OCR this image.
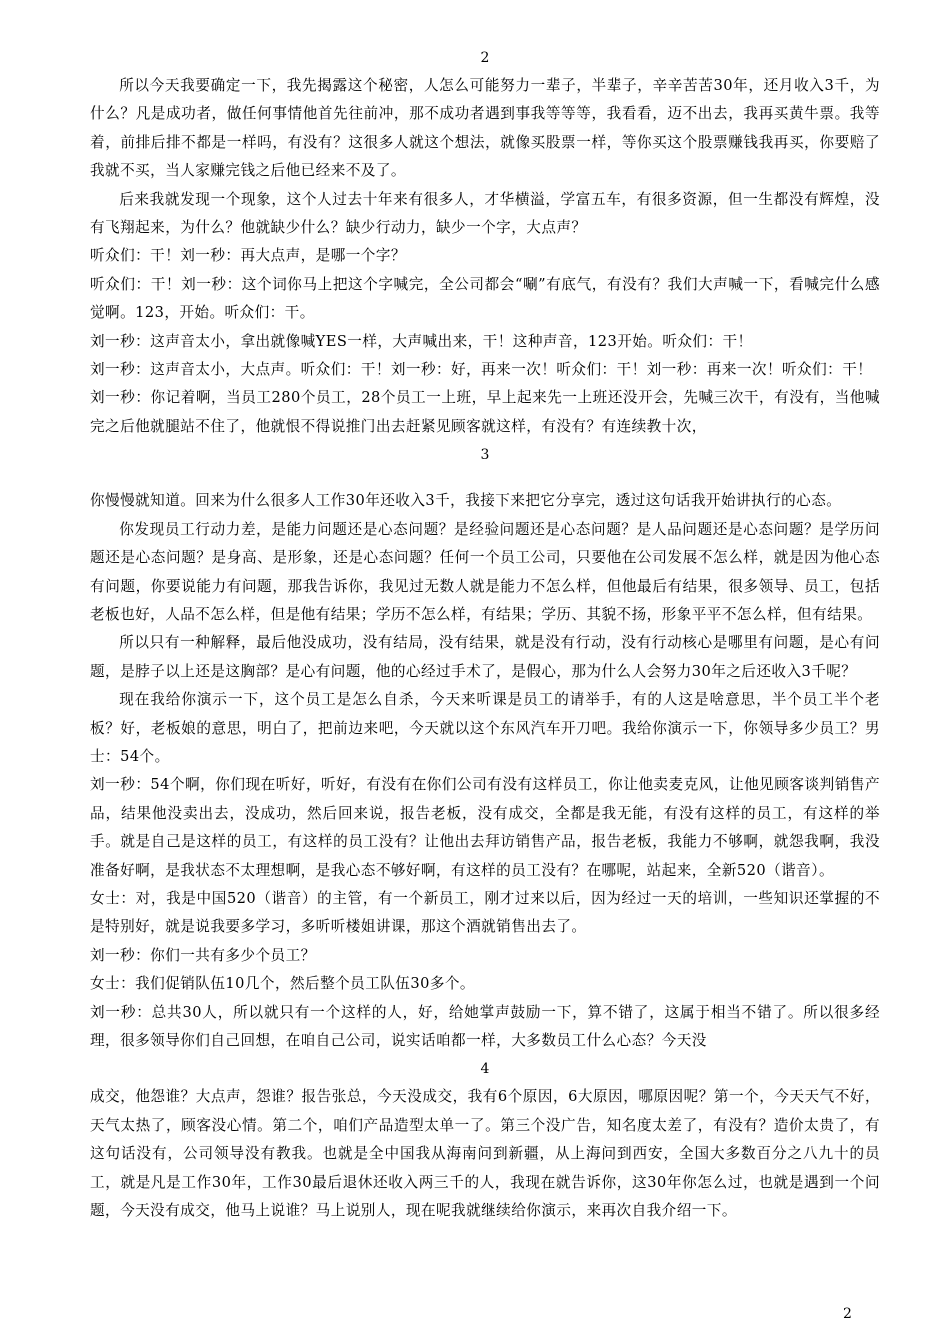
2

所以今天我要确定一下，我先揭露这个秘密，人怎么可能努力一辈子，半辈子，辛辛苦苦30年，还月收入3千，为什么？凡是成功者，做任何事情他首先往前冲，那不成功者遇到事我等等等，我看看，迈不出去，我再买黄牛票。我等着，前排后排不都是一样吗，有没有？这很多人就这个想法，就像买股票一样，等你买这个股票赚钱我再买，你要赔了我就不买，当人家赚完钱之后他已经来不及了。

后来我就发现一个现象，这个人过去十年来有很多人，才华横溢，学富五车，有很多资源，但一生都没有辉煌，没有飞翔起来，为什么？他就缺少什么？缺少行动力，缺少一个字，大点声？

听众们：干！刘一秒：再大点声，是哪一个字？

听众们：干！刘一秒：这个词你马上把这个字喊完，全公司都会“唰”有底气，有没有？我们大声喊一下，看喊完什么感觉啊。123，开始。听众们：干。

刘一秒：这声音太小，拿出就像喊YES一样，大声喊出来，干！这种声音，123开始。听众们：干！

刘一秒：这声音太小，大点声。听众们：干！刘一秒：好，再来一次！听众们：干！刘一秒：再来一次！听众们：干！

刘一秒：你记着啊，当员工280个员工，28个员工一上班，早上起来先一上班还没开会，先喊三次干，有没有，当他喊完之后他就腿站不住了，他就恨不得说推门出去赶紧见顾客就这样，有没有？有连续教十次，

3

你慢慢就知道。回来为什么很多人工作30年还收入3千，我接下来把它分享完，透过这句话我开始讲执行的心态。

你发现员工行动力差，是能力问题还是心态问题？是经验问题还是心态问题？是人品问题还是心态问题？是学历问题还是心态问题？是身高、是形象，还是心态问题？任何一个员工公司，只要他在公司发展不怎么样，就是因为他心态有问题，你要说能力有问题，那我告诉你，我见过无数人就是能力不怎么样，但他最后有结果，很多领导、员工，包括老板也好，人品不怎么样，但是他有结果；学历不怎么样，有结果；学历、其貌不扬，形象平平不怎么样，但有结果。

所以只有一种解释，最后他没成功，没有结局，没有结果，就是没有行动，没有行动核心是哪里有问题，是心有问题，是脖子以上还是这胸部？是心有问题，他的心经过手术了，是假心，那为什么人会努力30年之后还收入3千呢？

现在我给你演示一下，这个员工是怎么自杀，今天来听课是员工的请举手，有的人这是啥意思，半个员工半个老板？好，老板娘的意思，明白了，把前边来吧，今天就以这个东风汽车开刀吧。我给你演示一下，你领导多少员工？男士：54个。

刘一秒：54个啊，你们现在听好，听好，有没有在你们公司有没有这样员工，你让他卖麦克风，让他见顾客谈判销售产品，结果他没卖出去，没成功，然后回来说，报告老板，没有成交，全都是我无能，有没有这样的员工，有这样的举手。就是自己是这样的员工，有这样的员工没有？让他出去拜访销售产品，报告老板，我能力不够啊，就怨我啊，我没准备好啊，是我状态不太理想啊，是我心态不够好啊，有这样的员工没有？在哪呢，站起来，全新520（谐音）。

女士：对，我是中国520（谐音）的主管，有一个新员工，刚才过来以后，因为经过一天的培训，一些知识还掌握的不是特别好，就是说我要多学习，多听听楼姐讲课，那这个酒就销售出去了。

刘一秒：你们一共有多少个员工？

女士：我们促销队伍10几个，然后整个员工队伍30多个。

刘一秒：总共30人，所以就只有一个这样的人，好，给她掌声鼓励一下，算不错了，这属于相当不错了。所以很多经理，很多领导你们自己回想，在咱自己公司，说实话咱都一样，大多数员工什么心态？今天没

4

成交，他怨谁？大点声，怨谁？报告张总，今天没成交，我有6个原因，6大原因，哪原因呢？第一个，今天天气不好，天气太热了，顾客没心情。第二个，咱们产品造型太单一了。第三个没广告，知名度太差了，有没有？造价太贵了，有这句话没有，公司领导没有教我。也就是全中国我从海南问到新疆，从上海问到西安，全国大多数百分之八九十的员工，就是凡是工作30年，工作30最后退休还收入两三千的人，我现在就告诉你，这30年你怎么过，也就是遇到一个问题，今天没有成交，他马上说谁？马上说别人，现在呢我就继续给你演示，来再次自我介绍一下。

2
